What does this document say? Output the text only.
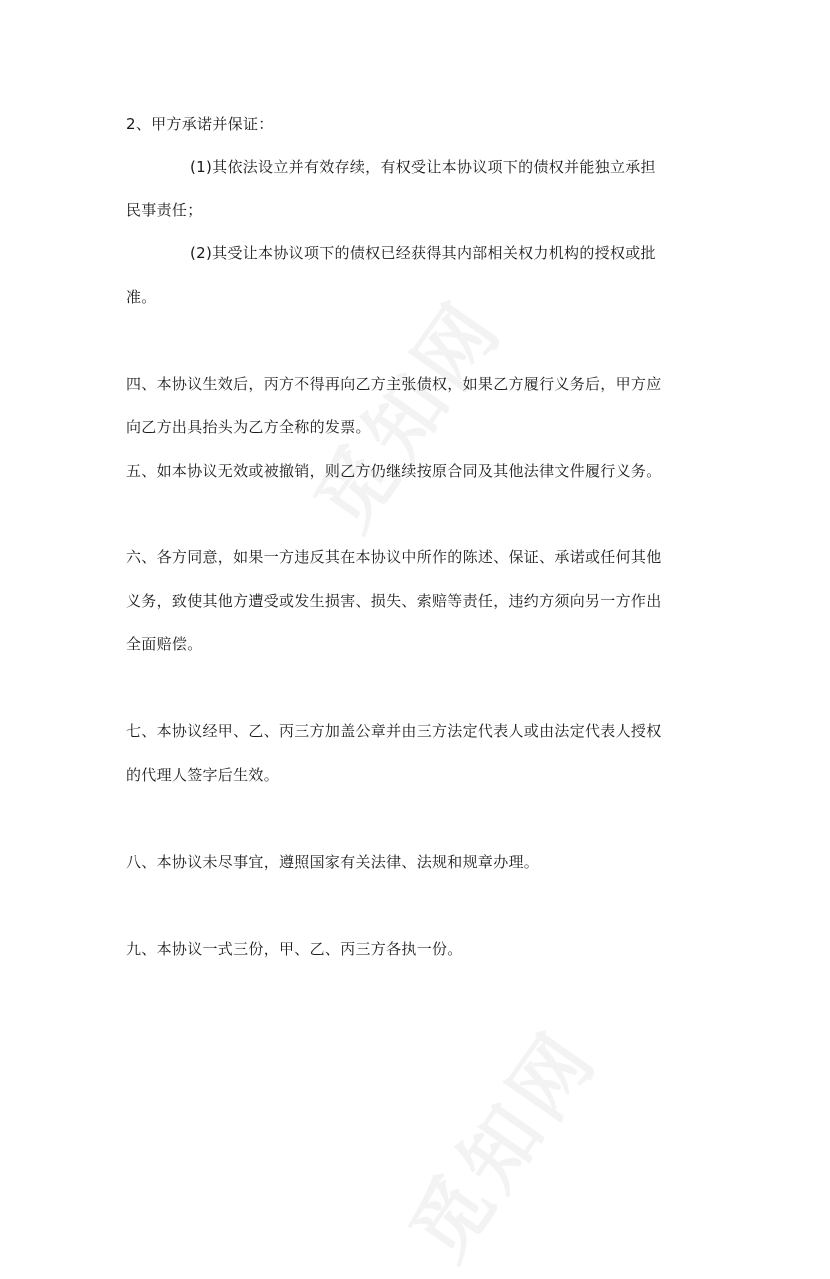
2、甲方承诺并保证：
(1)其依法设立并有效存续，有权受让本协议项下的债权并能独立承担
民事责任；
(2)其受让本协议项下的债权已经获得其内部相关权力机构的授权或批
准。
四、本协议生效后，丙方不得再向乙方主张债权，如果乙方履行义务后，甲方应
向乙方出具抬头为乙方全称的发票。
五、如本协议无效或被撤销，则乙方仍继续按原合同及其他法律文件履行义务。
六、各方同意，如果一方违反其在本协议中所作的陈述、保证、承诺或任何其他
义务，致使其他方遭受或发生损害、损失、索赔等责任，违约方须向另一方作出
全面赔偿。
七、本协议经甲、乙、丙三方加盖公章并由三方法定代表人或由法定代表人授权
的代理人签字后生效。
八、本协议未尽事宜，遵照国家有关法律、法规和规章办理。
九、本协议一式三份，甲、乙、丙三方各执一份。
